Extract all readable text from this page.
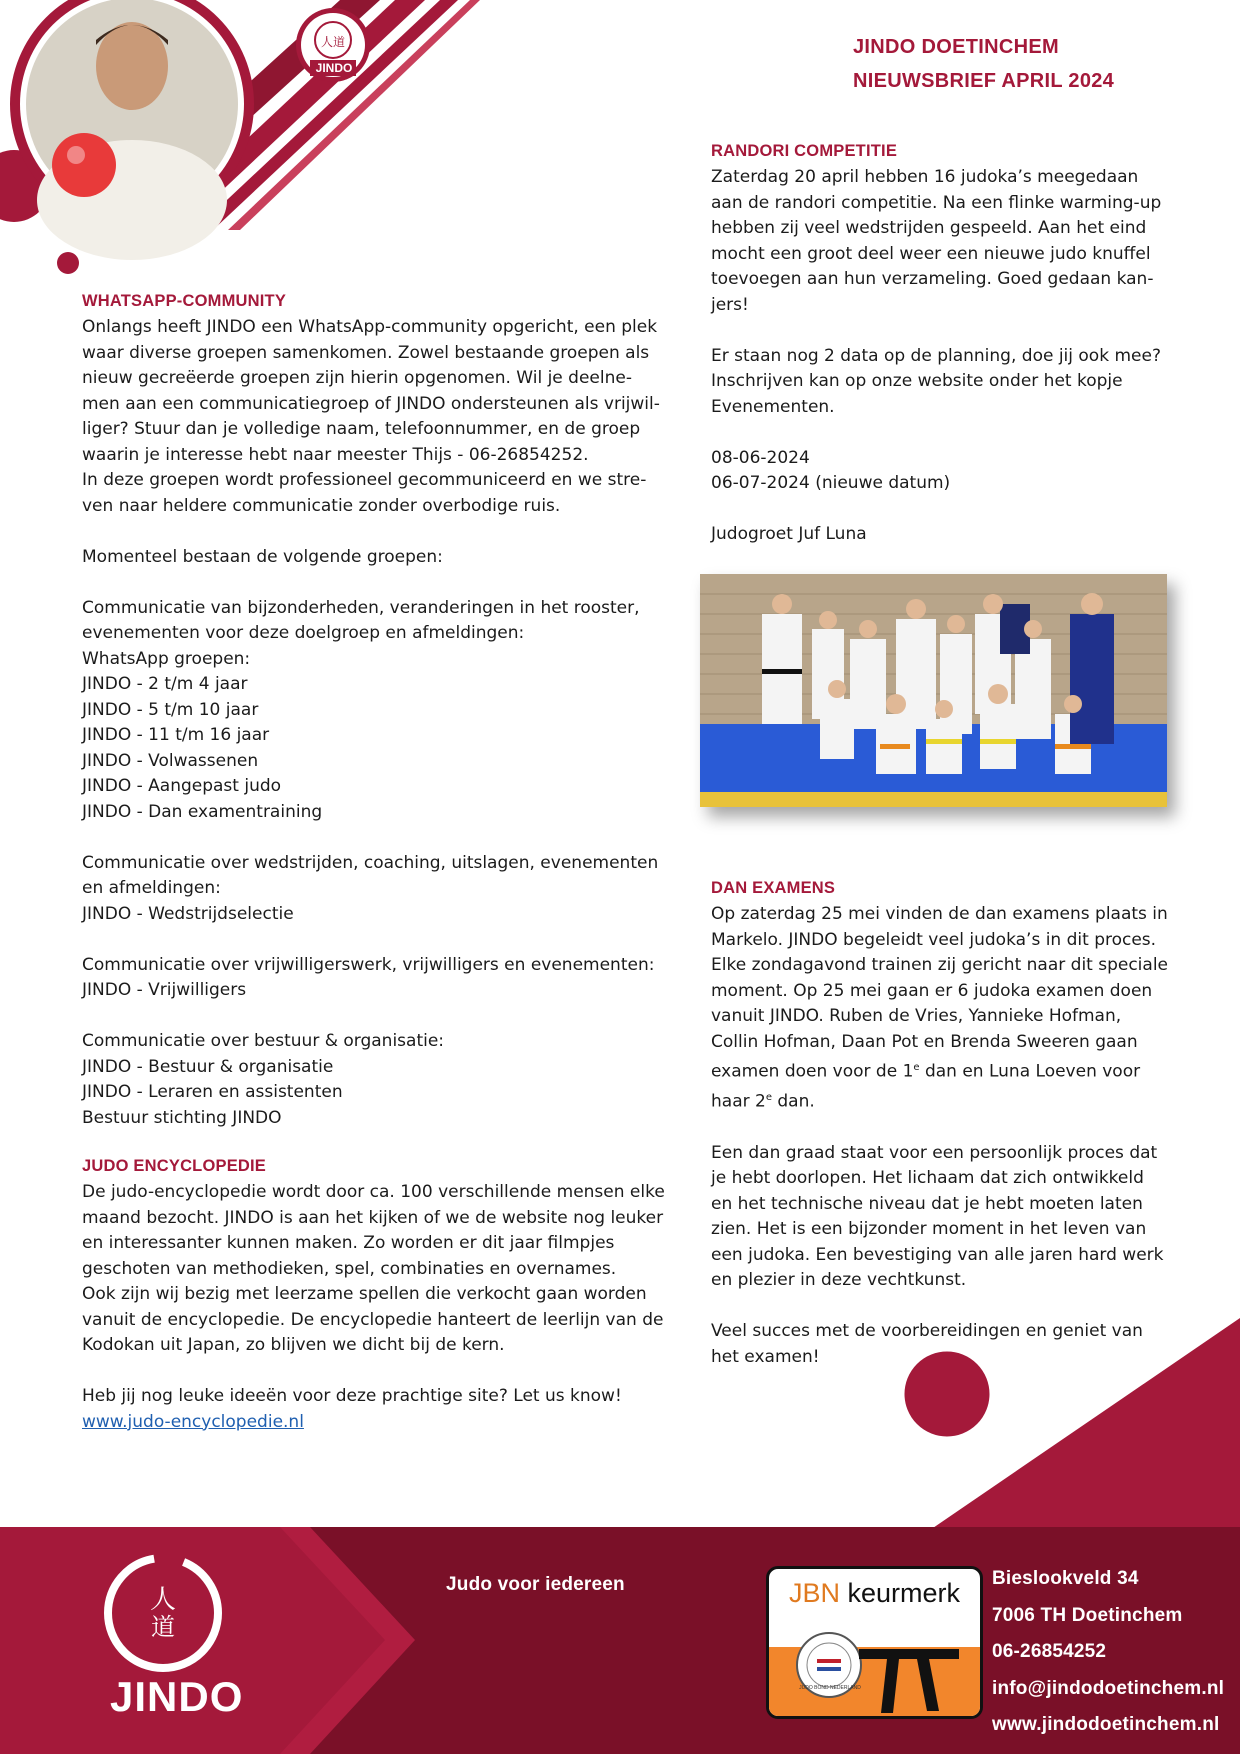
人道
JINDO
JINDO DOETINCHEM
NIEUWSBRIEF APRIL 2024
WHATSAPP-COMMUNITY
Onlangs heeft JINDO een WhatsApp-community opgericht, een plek
waar diverse groepen samenkomen. Zowel bestaande groepen als
nieuw gecreëerde groepen zijn hierin opgenomen. Wil je deelne-
men aan een communicatiegroep of JINDO ondersteunen als vrijwil-
liger? Stuur dan je volledige naam, telefoonnummer, en de groep
waarin je interesse hebt naar meester Thijs - 06-26854252.
In deze groepen wordt professioneel gecommuniceerd en we stre-
ven naar heldere communicatie zonder overbodige ruis.
Momenteel bestaan de volgende groepen:
Communicatie van bijzonderheden, veranderingen in het rooster,
evenementen voor deze doelgroep en afmeldingen:
WhatsApp groepen:
JINDO - 2 t/m 4 jaar
JINDO - 5 t/m 10 jaar
JINDO - 11 t/m 16 jaar
JINDO - Volwassenen
JINDO - Aangepast judo
JINDO - Dan examentraining
Communicatie over wedstrijden, coaching, uitslagen, evenementen
en afmeldingen:
JINDO - Wedstrijdselectie
Communicatie over vrijwilligerswerk, vrijwilligers en evenementen:
JINDO - Vrijwilligers
Communicatie over bestuur & organisatie:
JINDO - Bestuur & organisatie
JINDO - Leraren en assistenten
Bestuur stichting JINDO
JUDO ENCYCLOPEDIE
De judo-encyclopedie wordt door ca. 100 verschillende mensen elke
maand bezocht. JINDO is aan het kijken of we de website nog leuker
en interessanter kunnen maken. Zo worden er dit jaar filmpjes
geschoten van methodieken, spel, combinaties en overnames.
Ook zijn wij bezig met leerzame spellen die verkocht gaan worden
vanuit de encyclopedie. De encyclopedie hanteert de leerlijn van de
Kodokan uit Japan, zo blijven we dicht bij de kern.
Heb jij nog leuke ideeën voor deze prachtige site? Let us know!
www.judo-encyclopedie.nl
RANDORI COMPETITIE
Zaterdag 20 april hebben 16 judoka’s meegedaan
aan de randori competitie. Na een flinke warming-up
hebben zij veel wedstrijden gespeeld. Aan het eind
mocht een groot deel weer een nieuwe judo knuffel
toevoegen aan hun verzameling. Goed gedaan kan-
jers!
Er staan nog 2 data op de planning, doe jij ook mee?
Inschrijven kan op onze website onder het kopje
Evenementen.
08-06-2024
06-07-2024 (nieuwe datum)
Judogroet Juf Luna
DAN EXAMENS
Op zaterdag 25 mei vinden de dan examens plaats in
Markelo. JINDO begeleidt veel judoka’s in dit proces.
Elke zondagavond trainen zij gericht naar dit speciale
moment. Op 25 mei gaan er 6 judoka examen doen
vanuit JINDO. Ruben de Vries, Yannieke Hofman,
Collin Hofman, Daan Pot en Brenda Sweeren gaan
examen doen voor de 1e dan en Luna Loeven voor
haar 2e dan.
Een dan graad staat voor een persoonlijk proces dat
je hebt doorlopen. Het lichaam dat zich ontwikkeld
en het technische niveau dat je hebt moeten laten
zien. Het is een bijzonder moment in het leven van
een judoka. Een bevestiging van alle jaren hard werk
en plezier in deze vechtkunst.
Veel succes met de voorbereidingen en geniet van
het examen!
人
道
JINDO
Judo voor iedereen	JBN
keurmerk
JUDO BOND NEDERLAND
Bieslookveld 34
7006 TH Doetinchem
06-26854252
info@jindodoetinchem.nl
www.jindodoetinchem.nl
